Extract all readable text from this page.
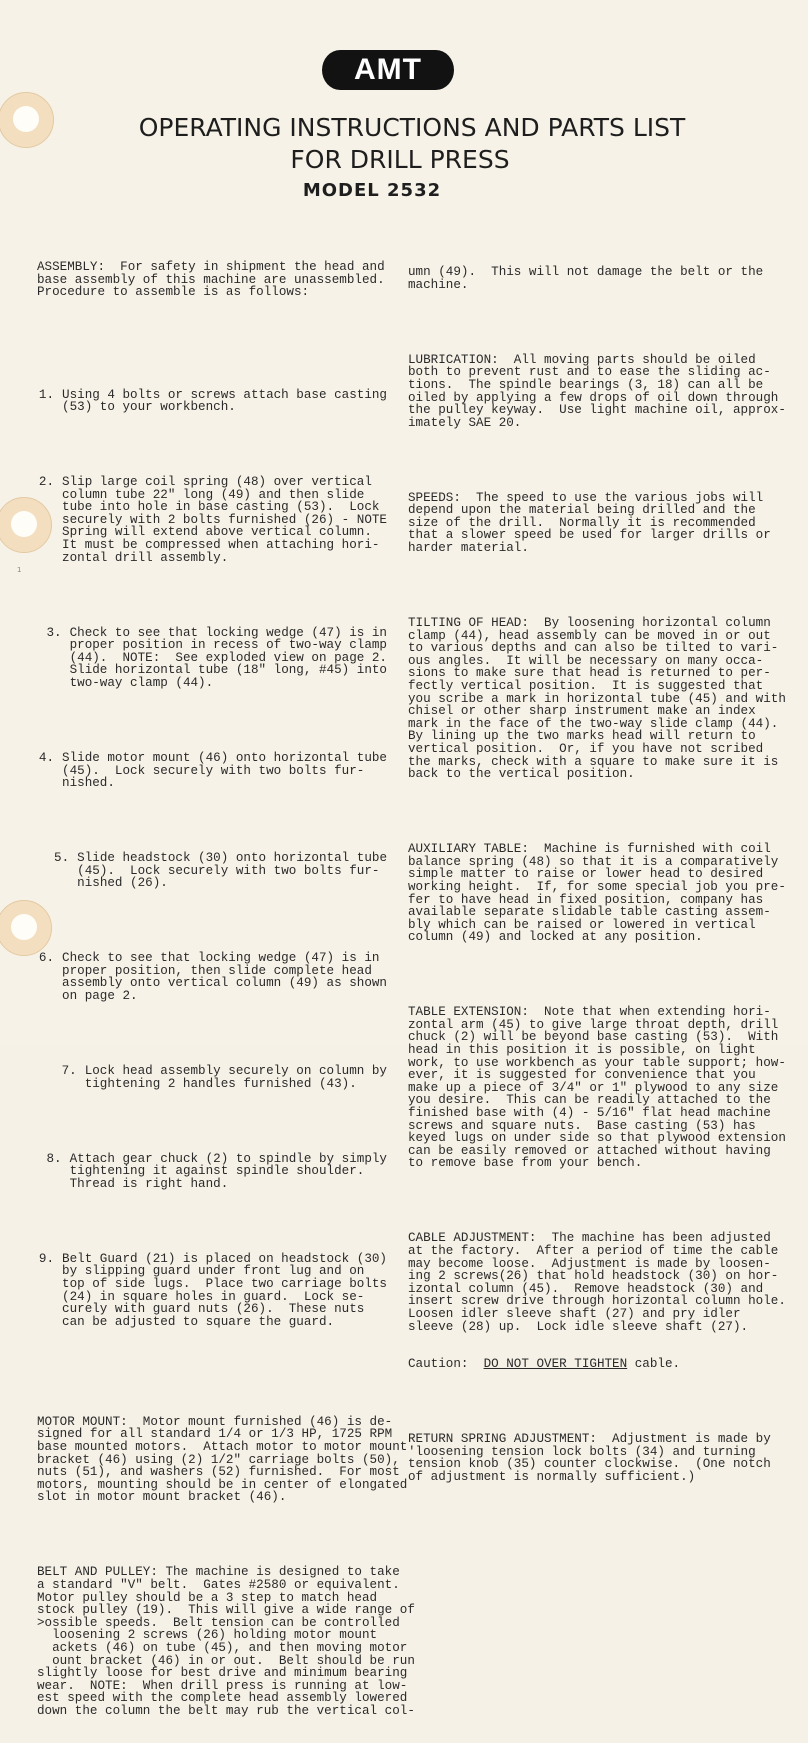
1
AMT
OPERATING INSTRUCTIONS AND PARTS LIST
FOR DRILL PRESS
MODEL 2532

ASSEMBLY:  For safety in shipment the head and
base assembly of this machine are unassembled.
Procedure to assemble is as follows:

1. Using 4 bolts or screws attach base casting
(53) to your workbench.

2. Slip large coil spring (48) over vertical
column tube 22" long (49) and then slide
tube into hole in base casting (53).  Lock
securely with 2 bolts furnished (26) - NOTE
Spring will extend above vertical column.
It must be compressed when attaching hori-
zontal drill assembly.

3. Check to see that locking wedge (47) is in
proper position in recess of two-way clamp
(44).  NOTE:  See exploded view on page 2.
Slide horizontal tube (18" long, #45) into
two-way clamp (44).

4. Slide motor mount (46) onto horizontal tube
(45).  Lock securely with two bolts fur-
nished.

5. Slide headstock (30) onto horizontal tube
(45).  Lock securely with two bolts fur-
nished (26).

6. Check to see that locking wedge (47) is in
proper position, then slide complete head
assembly onto vertical column (49) as shown
on page 2.

7. Lock head assembly securely on column by
tightening 2 handles furnished (43).

8. Attach gear chuck (2) to spindle by simply
tightening it against spindle shoulder.
Thread is right hand.

9. Belt Guard (21) is placed on headstock (30)
by slipping guard under front lug and on
top of side lugs.  Place two carriage bolts
(24) in square holes in guard.  Lock se-
curely with guard nuts (26).  These nuts
can be adjusted to square the guard.

MOTOR MOUNT:  Motor mount furnished (46) is de-
signed for all standard 1/4 or 1/3 HP, 1725 RPM
base mounted motors.  Attach motor to motor mount
bracket (46) using (2) 1/2" carriage bolts (50),
nuts (51), and washers (52) furnished.  For most
motors, mounting should be in center of elongated
slot in motor mount bracket (46).

BELT AND PULLEY: The machine is designed to take
a standard "V" belt.  Gates #2580 or equivalent.
Motor pulley should be a 3 step to match head
stock pulley (19).  This will give a wide range of
>ossible speeds.  Belt tension can be controlled
loosening 2 screws (26) holding motor mount
ackets (46) on tube (45), and then moving motor
ount bracket (46) in or out.  Belt should be run
slightly loose for best drive and minimum bearing
wear.  NOTE:  When drill press is running at low-
est speed with the complete head assembly lowered
down the column the belt may rub the vertical col-

umn (49).  This will not damage the belt or the
machine.

LUBRICATION:  All moving parts should be oiled
both to prevent rust and to ease the sliding ac-
tions.  The spindle bearings (3, 18) can all be
oiled by applying a few drops of oil down through
the pulley keyway.  Use light machine oil, approx-
imately SAE 20.

SPEEDS:  The speed to use the various jobs will
depend upon the material being drilled and the
size of the drill.  Normally it is recommended
that a slower speed be used for larger drills or
harder material.

TILTING OF HEAD:  By loosening horizontal column
clamp (44), head assembly can be moved in or out
to various depths and can also be tilted to vari-
ous angles.  It will be necessary on many occa-
sions to make sure that head is returned to per-
fectly vertical position.  It is suggested that
you scribe a mark in horizontal tube (45) and with
chisel or other sharp instrument make an index
mark in the face of the two-way slide clamp (44).
By lining up the two marks head will return to
vertical position.  Or, if you have not scribed
the marks, check with a square to make sure it is
back to the vertical position.

AUXILIARY TABLE:  Machine is furnished with coil
balance spring (48) so that it is a comparatively
simple matter to raise or lower head to desired
working height.  If, for some special job you pre-
fer to have head in fixed position, company has
available separate slidable table casting assem-
bly which can be raised or lowered in vertical
column (49) and locked at any position.

TABLE EXTENSION:  Note that when extending hori-
zontal arm (45) to give large throat depth, drill
chuck (2) will be beyond base casting (53).  With
head in this position it is possible, on light
work, to use workbench as your table support; how-
ever, it is suggested for convenience that you
make up a piece of 3/4" or 1" plywood to any size
you desire.  This can be readily attached to the
finished base with (4) - 5/16" flat head machine
screws and square nuts.  Base casting (53) has
keyed lugs on under side so that plywood extension
can be easily removed or attached without having
to remove base from your bench.

CABLE ADJUSTMENT:  The machine has been adjusted
at the factory.  After a period of time the cable
may become loose.  Adjustment is made by loosen-
ing 2 screws(26) that hold headstock (30) on hor-
izontal column (45).  Remove headstock (30) and
insert screw drive through horizontal column hole.
Loosen idler sleeve shaft (27) and pry idler
sleeve (28) up.  Lock idle sleeve shaft (27).

Caution:  DO NOT OVER TIGHTEN cable.

RETURN SPRING ADJUSTMENT:  Adjustment is made by
'loosening tension lock bolts (34) and turning
tension knob (35) counter clockwise.  (One notch
of adjustment is normally sufficient.)
